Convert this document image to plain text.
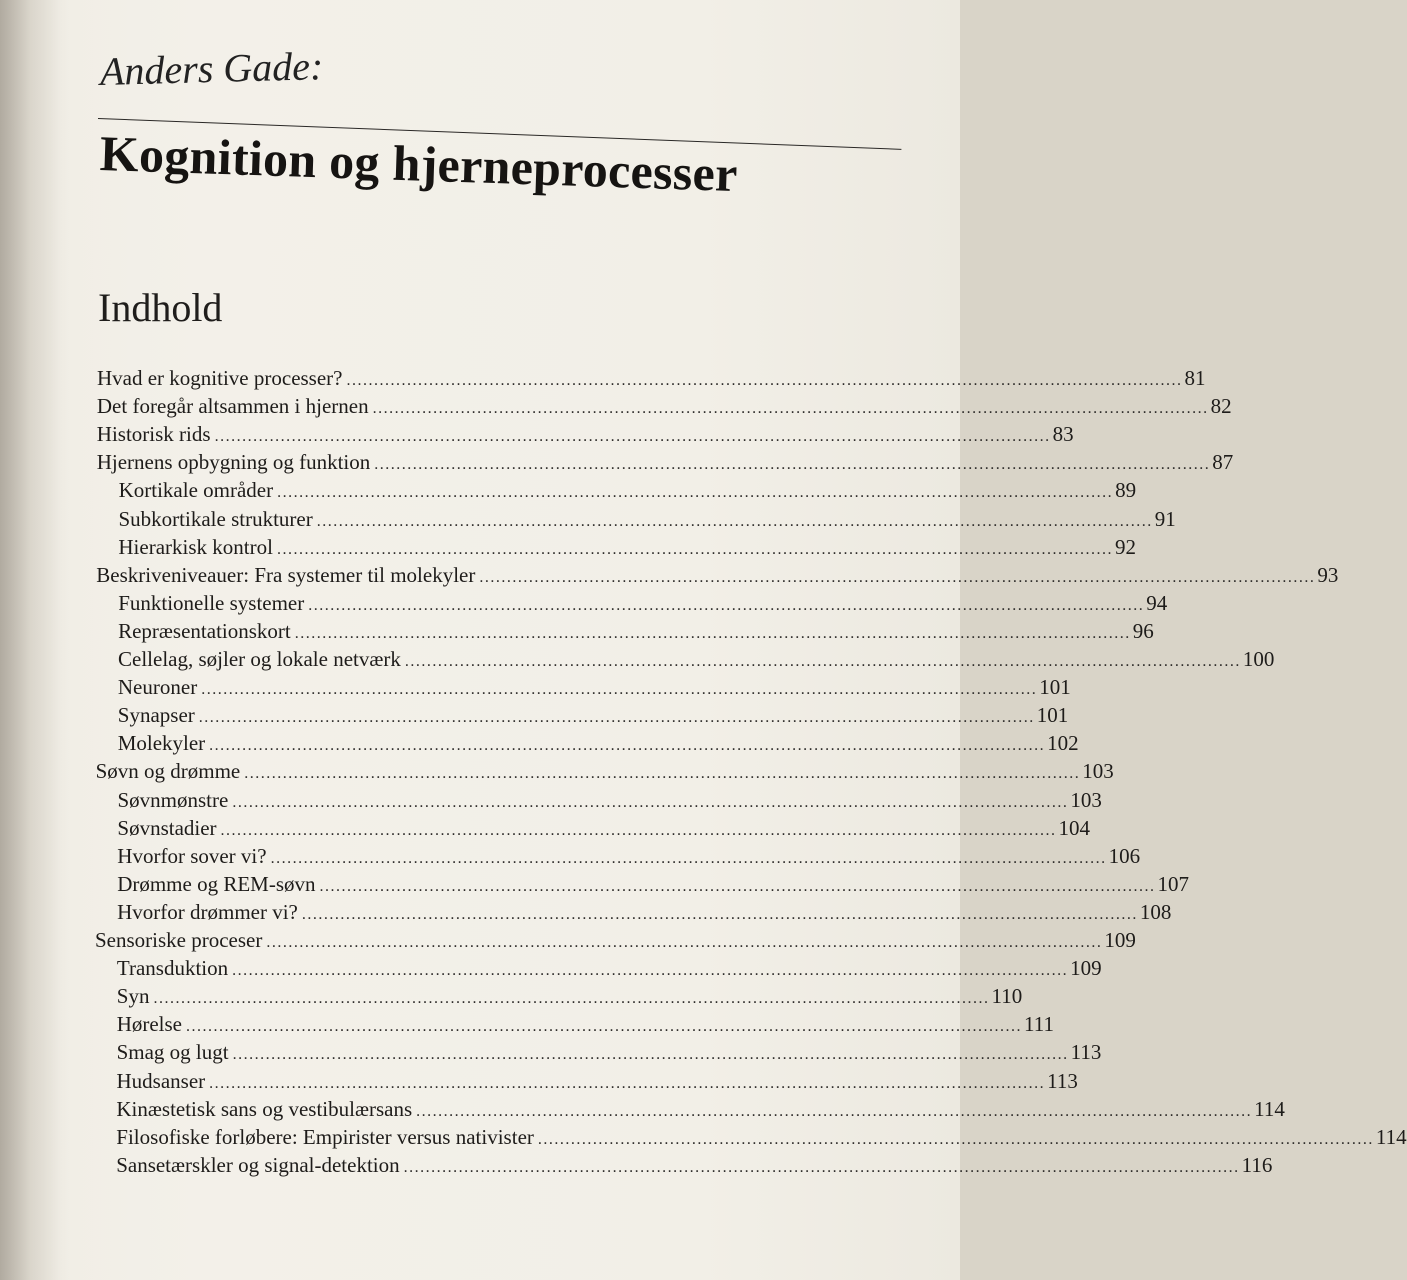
Anders Gade:
Kognition og hjerneprocesser
Indhold
Hvad er kognitive processer? ........................................................................................................................................................ 81
Det foregår altsammen i hjernen ........................................................................................................................................................ 82
Historisk rids ........................................................................................................................................................ 83
Hjernens opbygning og funktion ........................................................................................................................................................ 87
Kortikale områder ........................................................................................................................................................ 89
Subkortikale strukturer ........................................................................................................................................................ 91
Hierarkisk kontrol ........................................................................................................................................................ 92
Beskriveniveauer: Fra systemer til molekyler ........................................................................................................................................................ 93
Funktionelle systemer ........................................................................................................................................................ 94
Repræsentationskort ........................................................................................................................................................ 96
Cellelag, søjler og lokale netværk ........................................................................................................................................................ 100
Neuroner ........................................................................................................................................................ 101
Synapser ........................................................................................................................................................ 101
Molekyler ........................................................................................................................................................ 102
Søvn og drømme ........................................................................................................................................................ 103
Søvnmønstre ........................................................................................................................................................ 103
Søvnstadier ........................................................................................................................................................ 104
Hvorfor sover vi? ........................................................................................................................................................ 106
Drømme og REM-søvn ........................................................................................................................................................ 107
Hvorfor drømmer vi? ........................................................................................................................................................ 108
Sensoriske proceser ........................................................................................................................................................ 109
Transduktion ........................................................................................................................................................ 109
Syn ........................................................................................................................................................ 110
Hørelse ........................................................................................................................................................ 111
Smag og lugt ........................................................................................................................................................ 113
Hudsanser ........................................................................................................................................................ 113
Kinæstetisk sans og vestibulærsans ........................................................................................................................................................ 114
Filosofiske forløbere: Empirister versus nativister ........................................................................................................................................................ 114
Sansetærskler og signal-detektion ........................................................................................................................................................ 116
